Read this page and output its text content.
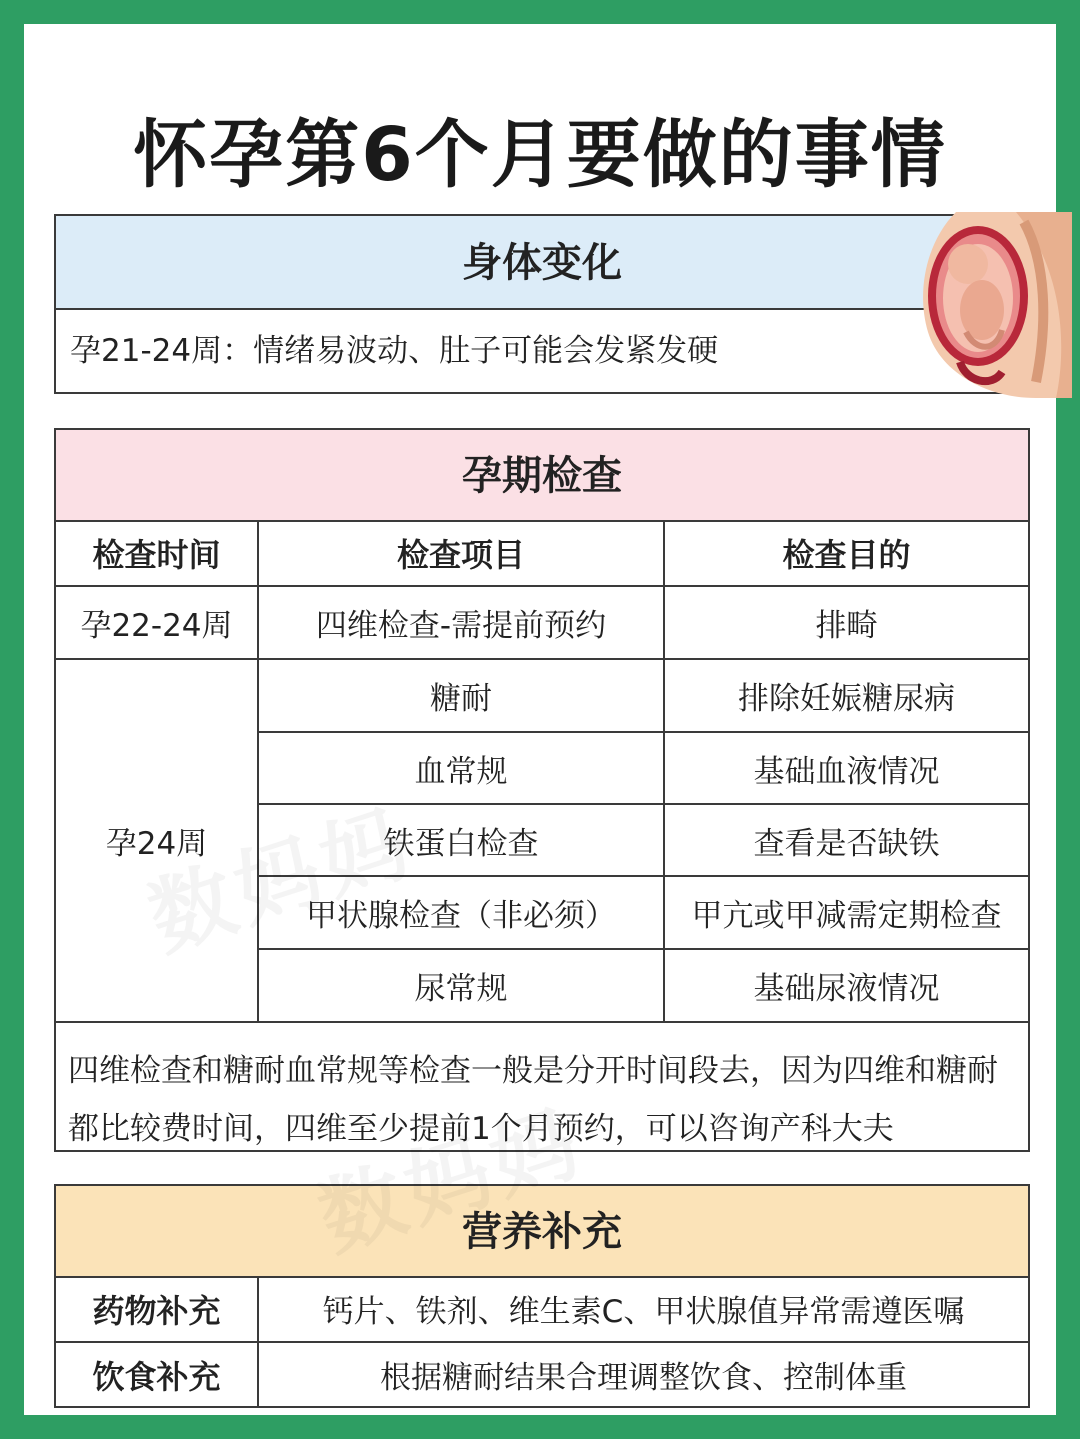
怀孕第6个月要做的事情
身体变化
孕21-24周：情绪易波动、肚子可能会发紧发硬
孕期检查
检查时间	检查项目	检查目的
孕22-24周	四维检查-需提前预约	排畸
孕24周	糖耐	排除妊娠糖尿病
	血常规	基础血液情况
	铁蛋白检查	查看是否缺铁
	甲状腺检查（非必须）	甲亢或甲减需定期检查
	尿常规	基础尿液情况
四维检查和糖耐血常规等检查一般是分开时间段去，因为四维和糖耐都比较费时间，四维至少提前1个月预约，可以咨询产科大夫
营养补充
药物补充	钙片、铁剂、维生素C、甲状腺值异常需遵医嘱
饮食补充	根据糖耐结果合理调整饮食、控制体重
